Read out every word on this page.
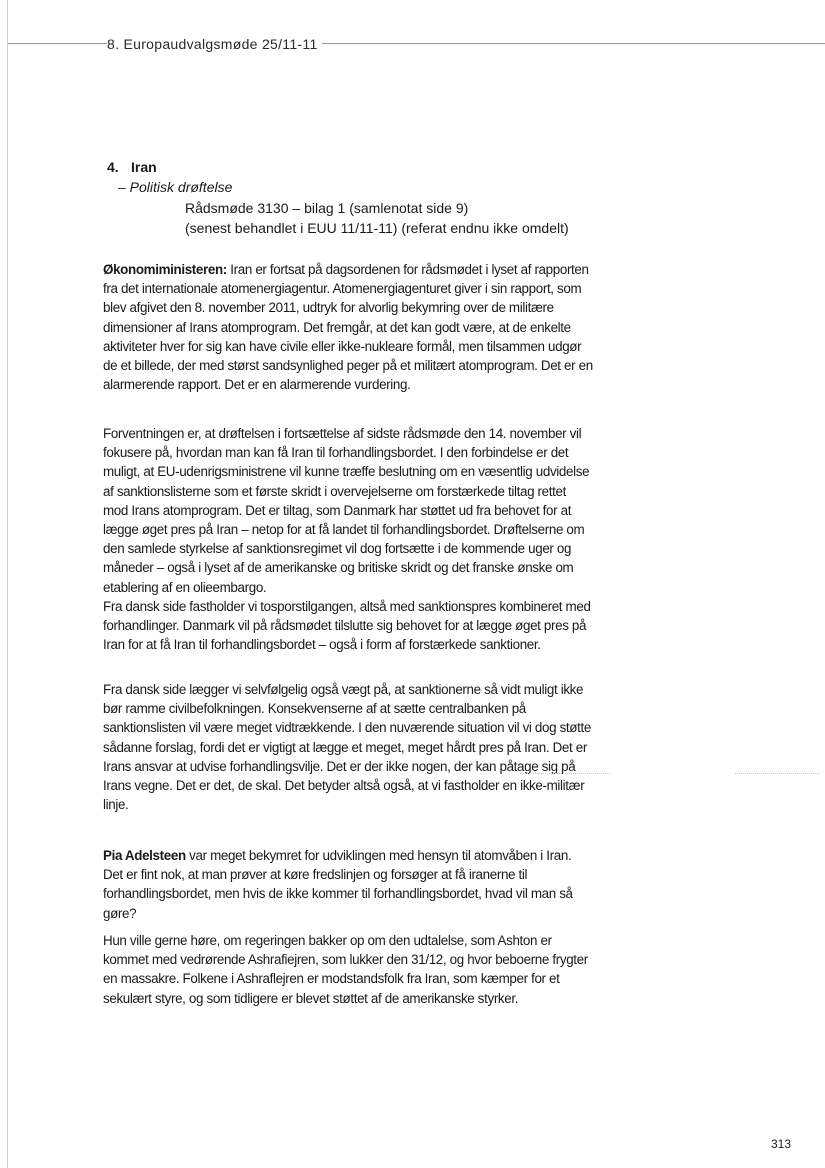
8. Europaudvalgsmøde 25/11-11
4. Iran
– Politisk drøftelse
Rådsmøde 3130 – bilag 1 (samlenotat side 9)
(senest behandlet i EUU 11/11-11) (referat endnu ikke omdelt)

Økonomiministeren: Iran er fortsat på dagsordenen for rådsmødet i lyset af rapporten fra det internationale atomenergiagentur. Atomenergiagenturet giver i sin rapport, som blev afgivet den 8. november 2011, udtryk for alvorlig bekymring over de militære dimensioner af Irans atomprogram. Det fremgår, at det kan godt være, at de enkelte aktiviteter hver for sig kan have civile eller ikke-nukleare formål, men tilsammen udgør de et billede, der med størst sandsynlighed peger på et militært atomprogram. Det er en alarmerende rapport. Det er en alarmerende vurdering.

Forventningen er, at drøftelsen i fortsættelse af sidste rådsmøde den 14. november vil fokusere på, hvordan man kan få Iran til forhandlingsbordet. I den forbindelse er det muligt, at EU-udenrigsministrene vil kunne træffe beslutning om en væsentlig udvidelse af sanktionslisterne som et første skridt i overvejelserne om forstærkede tiltag rettet mod Irans atomprogram. Det er tiltag, som Danmark har støttet ud fra behovet for at lægge øget pres på Iran – netop for at få landet til forhandlingsbordet. Drøftelserne om den samlede styrkelse af sanktionsregimet vil dog fortsætte i de kommende uger og måneder – også i lyset af de amerikanske og britiske skridt og det franske ønske om etablering af en olieembargo.

Fra dansk side fastholder vi tosporstilgangen, altså med sanktionspres kombineret med forhandlinger. Danmark vil på rådsmødet tilslutte sig behovet for at lægge øget pres på Iran for at få Iran til forhandlingsbordet – også i form af forstærkede sanktioner.

Fra dansk side lægger vi selvfølgelig også vægt på, at sanktionerne så vidt muligt ikke bør ramme civilbefolkningen. Konsekvenserne af at sætte centralbanken på sanktionslisten vil være meget vidtrækkende. I den nuværende situation vil vi dog støtte sådanne forslag, fordi det er vigtigt at lægge et meget, meget hårdt pres på Iran. Det er Irans ansvar at udvise forhandlingsvilje. Det er der ikke nogen, der kan påtage sig på Irans vegne. Det er det, de skal. Det betyder altså også, at vi fastholder en ikke-militær linje.

Pia Adelsteen var meget bekymret for udviklingen med hensyn til atomvåben i Iran. Det er fint nok, at man prøver at køre fredslinjen og forsøger at få iranerne til forhandlingsbordet, men hvis de ikke kommer til forhandlingsbordet, hvad vil man så gøre?

Hun ville gerne høre, om regeringen bakker op om den udtalelse, som Ashton er kommet med vedrørende Ashrafiejren, som lukker den 31/12, og hvor beboerne frygter en massakre. Folkene i Ashraflejren er modstandsfolk fra Iran, som kæmper for et sekulært styre, og som tidligere er blevet støttet af de amerikanske styrker.

313
